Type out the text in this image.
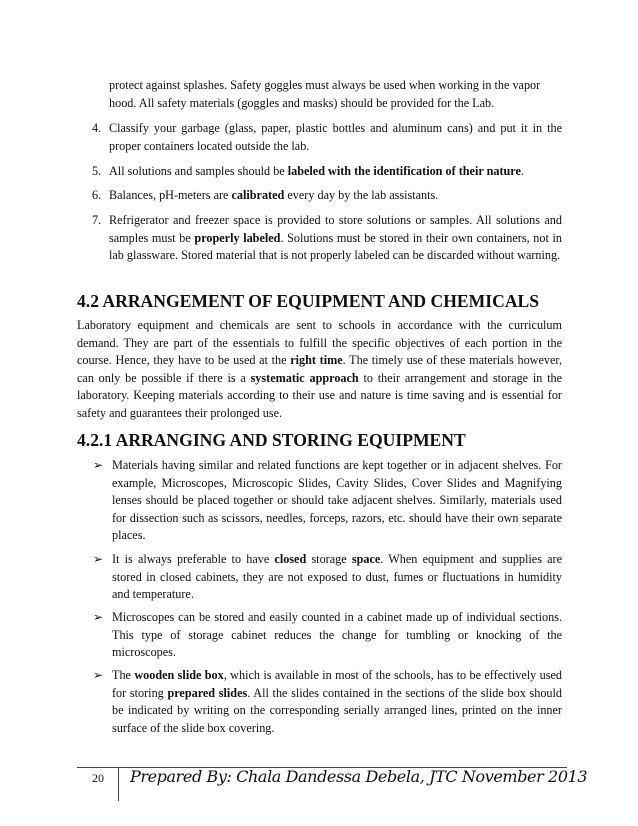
protect against splashes. Safety goggles must always be used when working in the vapor
hood. All safety materials (goggles and masks) should be provided for the Lab.

4. Classify your garbage (glass, paper, plastic bottles and aluminum cans) and put it in the proper containers located outside the lab.

5. All solutions and samples should be labeled with the identification of their nature.

6. Balances, pH-meters are calibrated every day by the lab assistants.

7. Refrigerator and freezer space is provided to store solutions or samples. All solutions and samples must be properly labeled. Solutions must be stored in their own containers, not in lab glassware. Stored material that is not properly labeled can be discarded without warning.

4.2 ARRANGEMENT OF EQUIPMENT AND CHEMICALS

Laboratory equipment and chemicals are sent to schools in accordance with the curriculum demand. They are part of the essentials to fulfill the specific objectives of each portion in the course. Hence, they have to be used at the right time. The timely use of these materials however, can only be possible if there is a systematic approach to their arrangement and storage in the laboratory. Keeping materials according to their use and nature is time saving and is essential for safety and guarantees their prolonged use.

4.2.1 ARRANGING AND STORING EQUIPMENT
➢ Materials having similar and related functions are kept together or in adjacent shelves. For example, Microscopes, Microscopic Slides, Cavity Slides, Cover Slides and Magnifying lenses should be placed together or should take adjacent shelves. Similarly, materials used for dissection such as scissors, needles, forceps, razors, etc. should have their own separate places.

➢ It is always preferable to have closed storage space. When equipment and supplies are stored in closed cabinets, they are not exposed to dust, fumes or fluctuations in humidity and temperature.

➢ Microscopes can be stored and easily counted in a cabinet made up of individual sections. This type of storage cabinet reduces the change for tumbling or knocking of the microscopes.

➢ The wooden slide box, which is available in most of the schools, has to be effectively used for storing prepared slides. All the slides contained in the sections of the slide box should be indicated by writing on the corresponding serially arranged lines, printed on the inner surface of the slide box covering.

20 Prepared By: Chala Dandessa Debela, JTC November 2013
